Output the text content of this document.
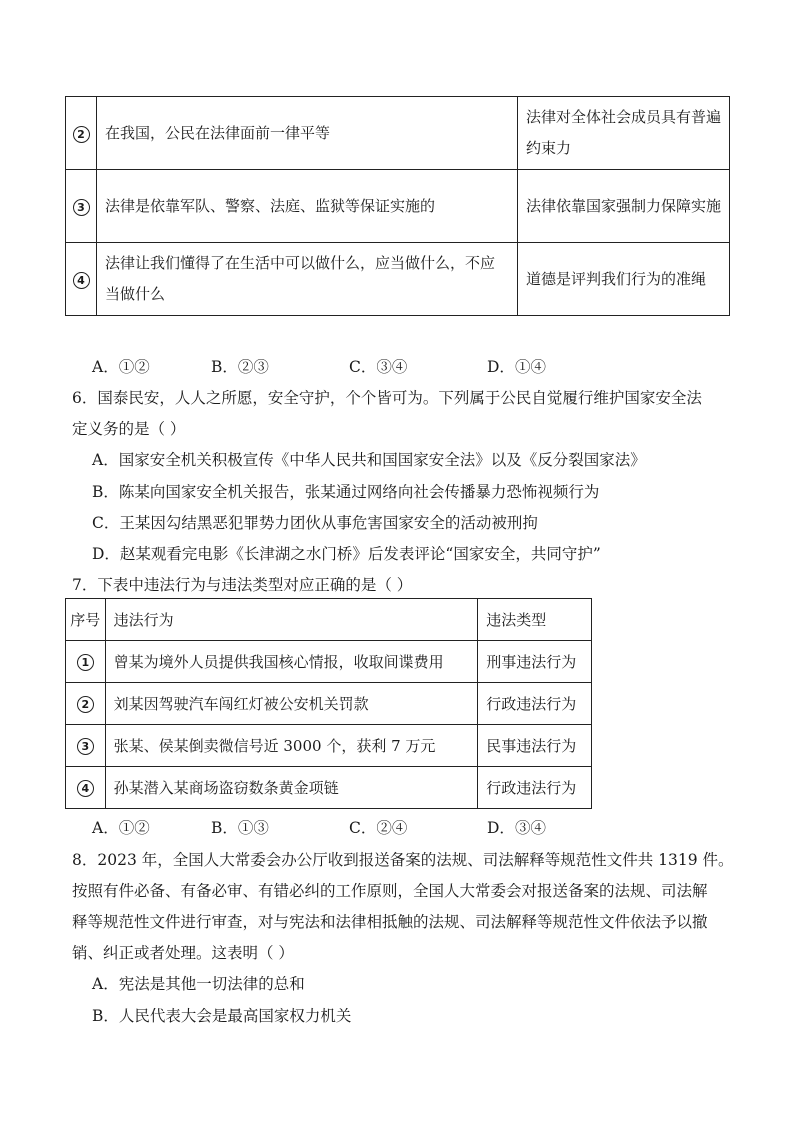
2	在我国，公民在法律面前一律平等	法律对全体社会成员具有普遍约束力
3	法律是依靠军队、警察、法庭、监狱等保证实施的	法律依靠国家强制力保障实施
4	法律让我们懂得了在生活中可以做什么，应当做什么，不应当做什么	道德是评判我们行为的准绳
A．①②	B．②③	C．③④	D．①④
6．国泰民安，人人之所愿，安全守护，个个皆可为。下列属于公民自觉履行维护国家安全法
定义务的是（ ）
A．国家安全机关积极宣传《中华人民共和国国家安全法》以及《反分裂国家法》
B．陈某向国家安全机关报告，张某通过网络向社会传播暴力恐怖视频行为
C．王某因勾结黑恶犯罪势力团伙从事危害国家安全的活动被刑拘
D．赵某观看完电影《长津湖之水门桥》后发表评论“国家安全，共同守护”
7．下表中违法行为与违法类型对应正确的是（ ）
序号	违法行为	违法类型
1	曾某为境外人员提供我国核心情报，收取间谍费用	刑事违法行为
2	刘某因驾驶汽车闯红灯被公安机关罚款	行政违法行为
3	张某、侯某倒卖微信号近 3000 个，获利 7 万元	民事违法行为
4	孙某潜入某商场盗窃数条黄金项链	行政违法行为
A．①②	B．①③	C．②④	D．③④
8．2023 年，全国人大常委会办公厅收到报送备案的法规、司法解释等规范性文件共 1319 件。
按照有件必备、有备必审、有错必纠的工作原则，全国人大常委会对报送备案的法规、司法解
释等规范性文件进行审查，对与宪法和法律相抵触的法规、司法解释等规范性文件依法予以撤
销、纠正或者处理。这表明（ ）
A．宪法是其他一切法律的总和
B．人民代表大会是最高国家权力机关
